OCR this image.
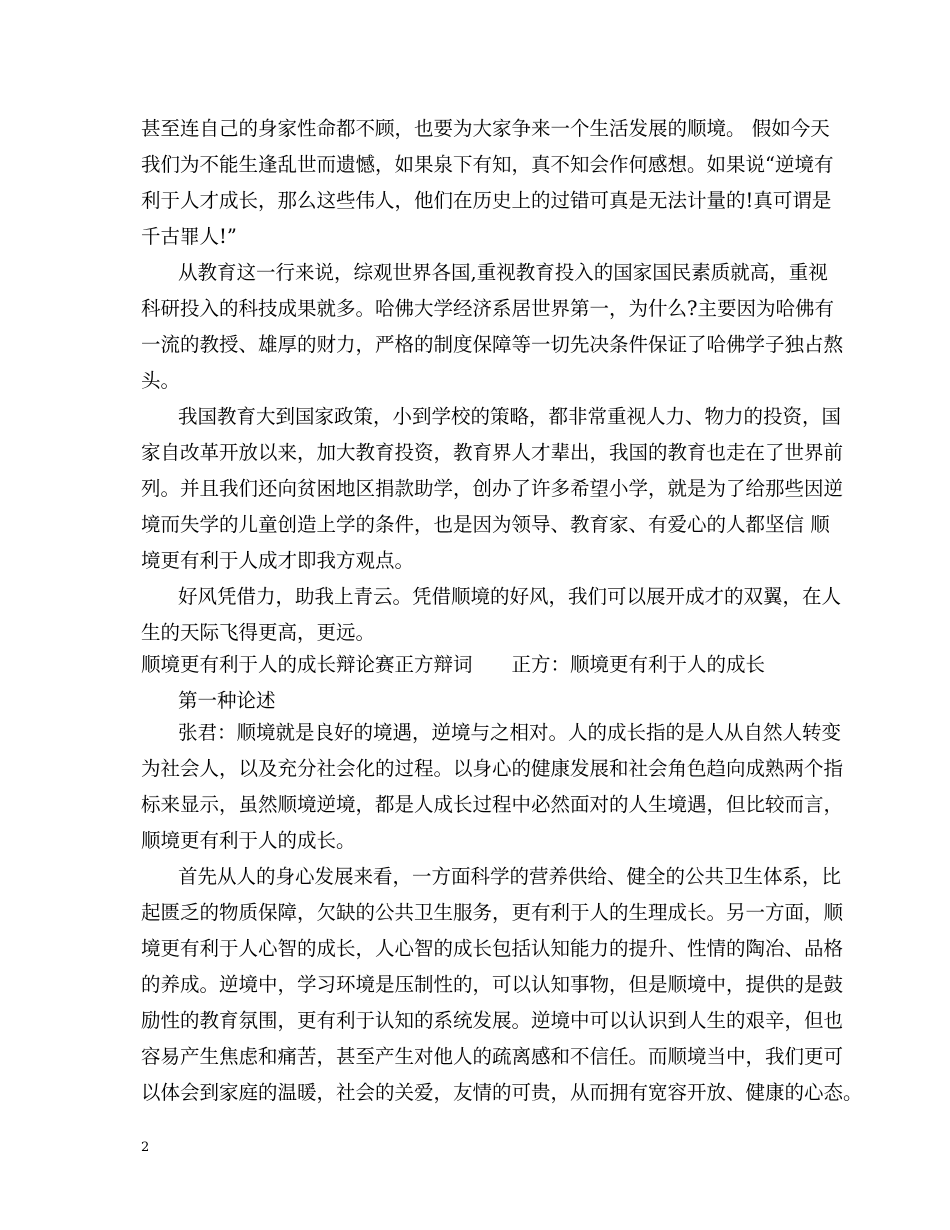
甚至连自己的身家性命都不顾，也要为大家争来一个生活发展的顺境。 假如今天
我们为不能生逢乱世而遗憾，如果泉下有知，真不知会作何感想。如果说“逆境有
利于人才成长，那么这些伟人，他们在历史上的过错可真是无法计量的!真可谓是
千古罪人!”
从教育这一行来说，综观世界各国,重视教育投入的国家国民素质就高，重视
科研投入的科技成果就多。哈佛大学经济系居世界第一，为什么?主要因为哈佛有
一流的教授、雄厚的财力，严格的制度保障等一切先决条件保证了哈佛学子独占熬
头。
我国教育大到国家政策，小到学校的策略，都非常重视人力、物力的投资，国
家自改革开放以来，加大教育投资，教育界人才辈出，我国的教育也走在了世界前
列。并且我们还向贫困地区捐款助学，创办了许多希望小学，就是为了给那些因逆
境而失学的儿童创造上学的条件，也是因为领导、教育家、有爱心的人都坚信 顺
境更有利于人成才即我方观点。
好风凭借力，助我上青云。凭借顺境的好风，我们可以展开成才的双翼，在人
生的天际飞得更高，更远。
顺境更有利于人的成长辩论赛正方辩词　　正方：顺境更有利于人的成长
第一种论述
张君：顺境就是良好的境遇，逆境与之相对。人的成长指的是人从自然人转变
为社会人，以及充分社会化的过程。以身心的健康发展和社会角色趋向成熟两个指
标来显示，虽然顺境逆境，都是人成长过程中必然面对的人生境遇，但比较而言，
顺境更有利于人的成长。
首先从人的身心发展来看，一方面科学的营养供给、健全的公共卫生体系，比
起匮乏的物质保障，欠缺的公共卫生服务，更有利于人的生理成长。另一方面，顺
境更有利于人心智的成长，人心智的成长包括认知能力的提升、性情的陶冶、品格
的养成。逆境中，学习环境是压制性的，可以认知事物，但是顺境中，提供的是鼓
励性的教育氛围，更有利于认知的系统发展。逆境中可以认识到人生的艰辛，但也
容易产生焦虑和痛苦，甚至产生对他人的疏离感和不信任。而顺境当中，我们更可
以体会到家庭的温暖，社会的关爱，友情的可贵，从而拥有宽容开放、健康的心态。
2
